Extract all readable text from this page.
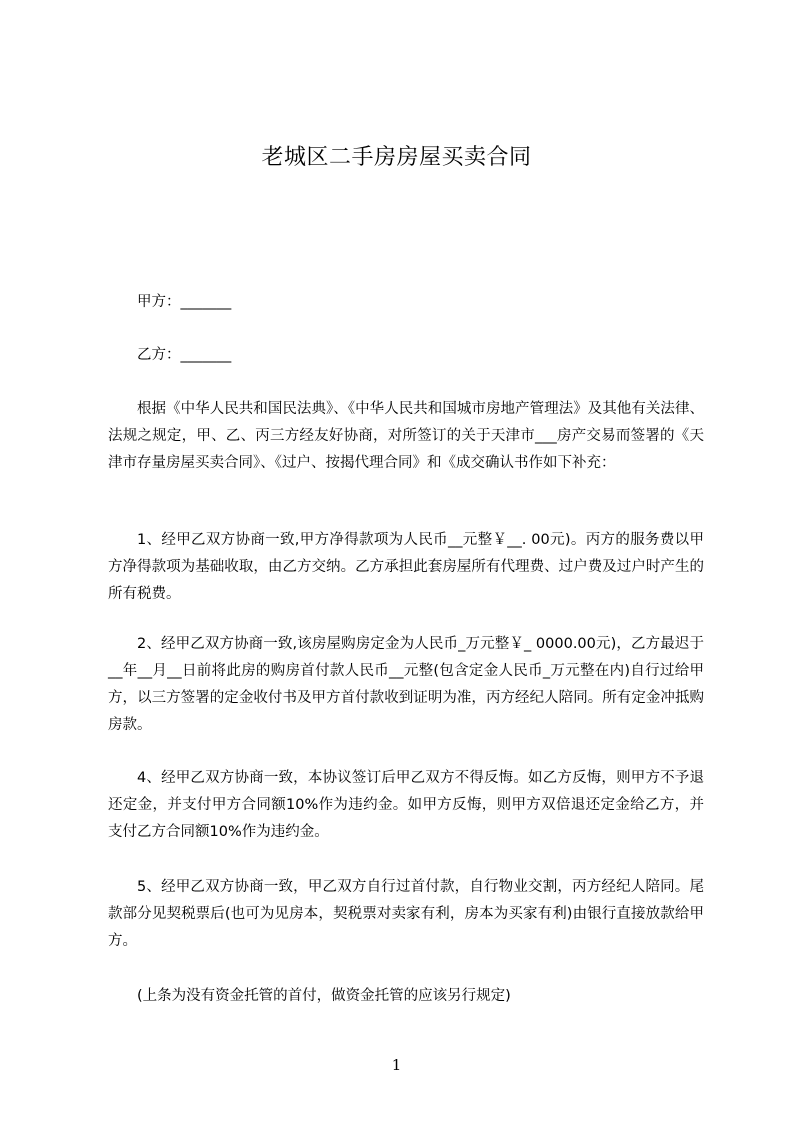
老城区二手房房屋买卖合同
甲方：_______
乙方：_______
根据《中华人民共和国民法典》、《中华人民共和国城市房地产管理法》及其他有关法律、法规之规定，甲、乙、丙三方经友好协商，对所签订的关于天津市___房产交易而签署的《天津市存量房屋买卖合同》、《过户、按揭代理合同》和《成交确认书作如下补充：
1、经甲乙双方协商一致,甲方净得款项为人民币__元整￥__. 00元)。丙方的服务费以甲方净得款项为基础收取，由乙方交纳。乙方承担此套房屋所有代理费、过户费及过户时产生的所有税费。
2、经甲乙双方协商一致,该房屋购房定金为人民币_万元整￥_ 0000.00元)，乙方最迟于__年__月__日前将此房的购房首付款人民币__元整(包含定金人民币_万元整在内)自行过给甲方，以三方签署的定金收付书及甲方首付款收到证明为准，丙方经纪人陪同。所有定金冲抵购房款。
4、经甲乙双方协商一致，本协议签订后甲乙双方不得反悔。如乙方反悔，则甲方不予退还定金，并支付甲方合同额10%作为违约金。如甲方反悔，则甲方双倍退还定金给乙方，并支付乙方合同额10%作为违约金。
5、经甲乙双方协商一致，甲乙双方自行过首付款，自行物业交割，丙方经纪人陪同。尾款部分见契税票后(也可为见房本，契税票对卖家有利，房本为买家有利)由银行直接放款给甲方。
(上条为没有资金托管的首付，做资金托管的应该另行规定)
1
